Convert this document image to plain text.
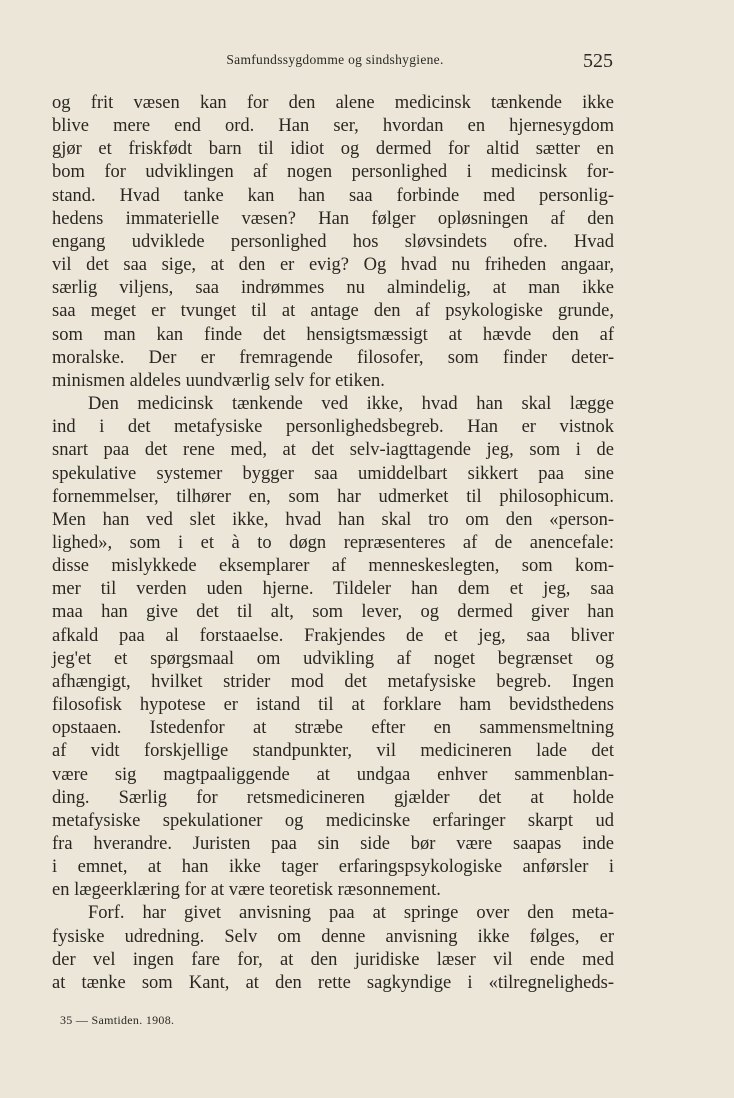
Samfundssygdomme og sindshygiene.	525
og frit væsen kan for den alene medicinsk tænkende ikke
blive mere end ord. Han ser, hvordan en hjernesygdom
gjør et friskfødt barn til idiot og dermed for altid sætter en
bom for udviklingen af nogen personlighed i medicinsk for-
stand. Hvad tanke kan han saa forbinde med personlig-
hedens immaterielle væsen? Han følger opløsningen af den
engang udviklede personlighed hos sløvsindets ofre. Hvad
vil det saa sige, at den er evig? Og hvad nu friheden angaar,
særlig viljens, saa indrømmes nu almindelig, at man ikke
saa meget er tvunget til at antage den af psykologiske grunde,
som man kan finde det hensigtsmæssigt at hævde den af
moralske. Der er fremragende filosofer, som finder deter-
minismen aldeles uundværlig selv for etiken.
Den medicinsk tænkende ved ikke, hvad han skal lægge
ind i det metafysiske personlighedsbegreb. Han er vistnok
snart paa det rene med, at det selv-iagttagende jeg, som i de
spekulative systemer bygger saa umiddelbart sikkert paa sine
fornemmelser, tilhører en, som har udmerket til philosophicum.
Men han ved slet ikke, hvad han skal tro om den «person-
lighed», som i et à to døgn repræsenteres af de anencefale:
disse mislykkede eksemplarer af menneskeslegten, som kom-
mer til verden uden hjerne. Tildeler han dem et jeg, saa
maa han give det til alt, som lever, og dermed giver han
afkald paa al forstaaelse. Frakjendes de et jeg, saa bliver
jeg'et et spørgsmaal om udvikling af noget begrænset og
afhængigt, hvilket strider mod det metafysiske begreb. Ingen
filosofisk hypotese er istand til at forklare ham bevidsthedens
opstaaen. Istedenfor at stræbe efter en sammensmeltning
af vidt forskjellige standpunkter, vil medicineren lade det
være sig magtpaaliggende at undgaa enhver sammenblan-
ding. Særlig for retsmedicineren gjælder det at holde
metafysiske spekulationer og medicinske erfaringer skarpt ud
fra hverandre. Juristen paa sin side bør være saapas inde
i emnet, at han ikke tager erfaringspsykologiske anførsler i
en lægeerklæring for at være teoretisk ræsonnement.
Forf. har givet anvisning paa at springe over den meta-
fysiske udredning. Selv om denne anvisning ikke følges, er
der vel ingen fare for, at den juridiske læser vil ende med
at tænke som Kant, at den rette sagkyndige i «tilregneligheds-
35 — Samtiden. 1908.
